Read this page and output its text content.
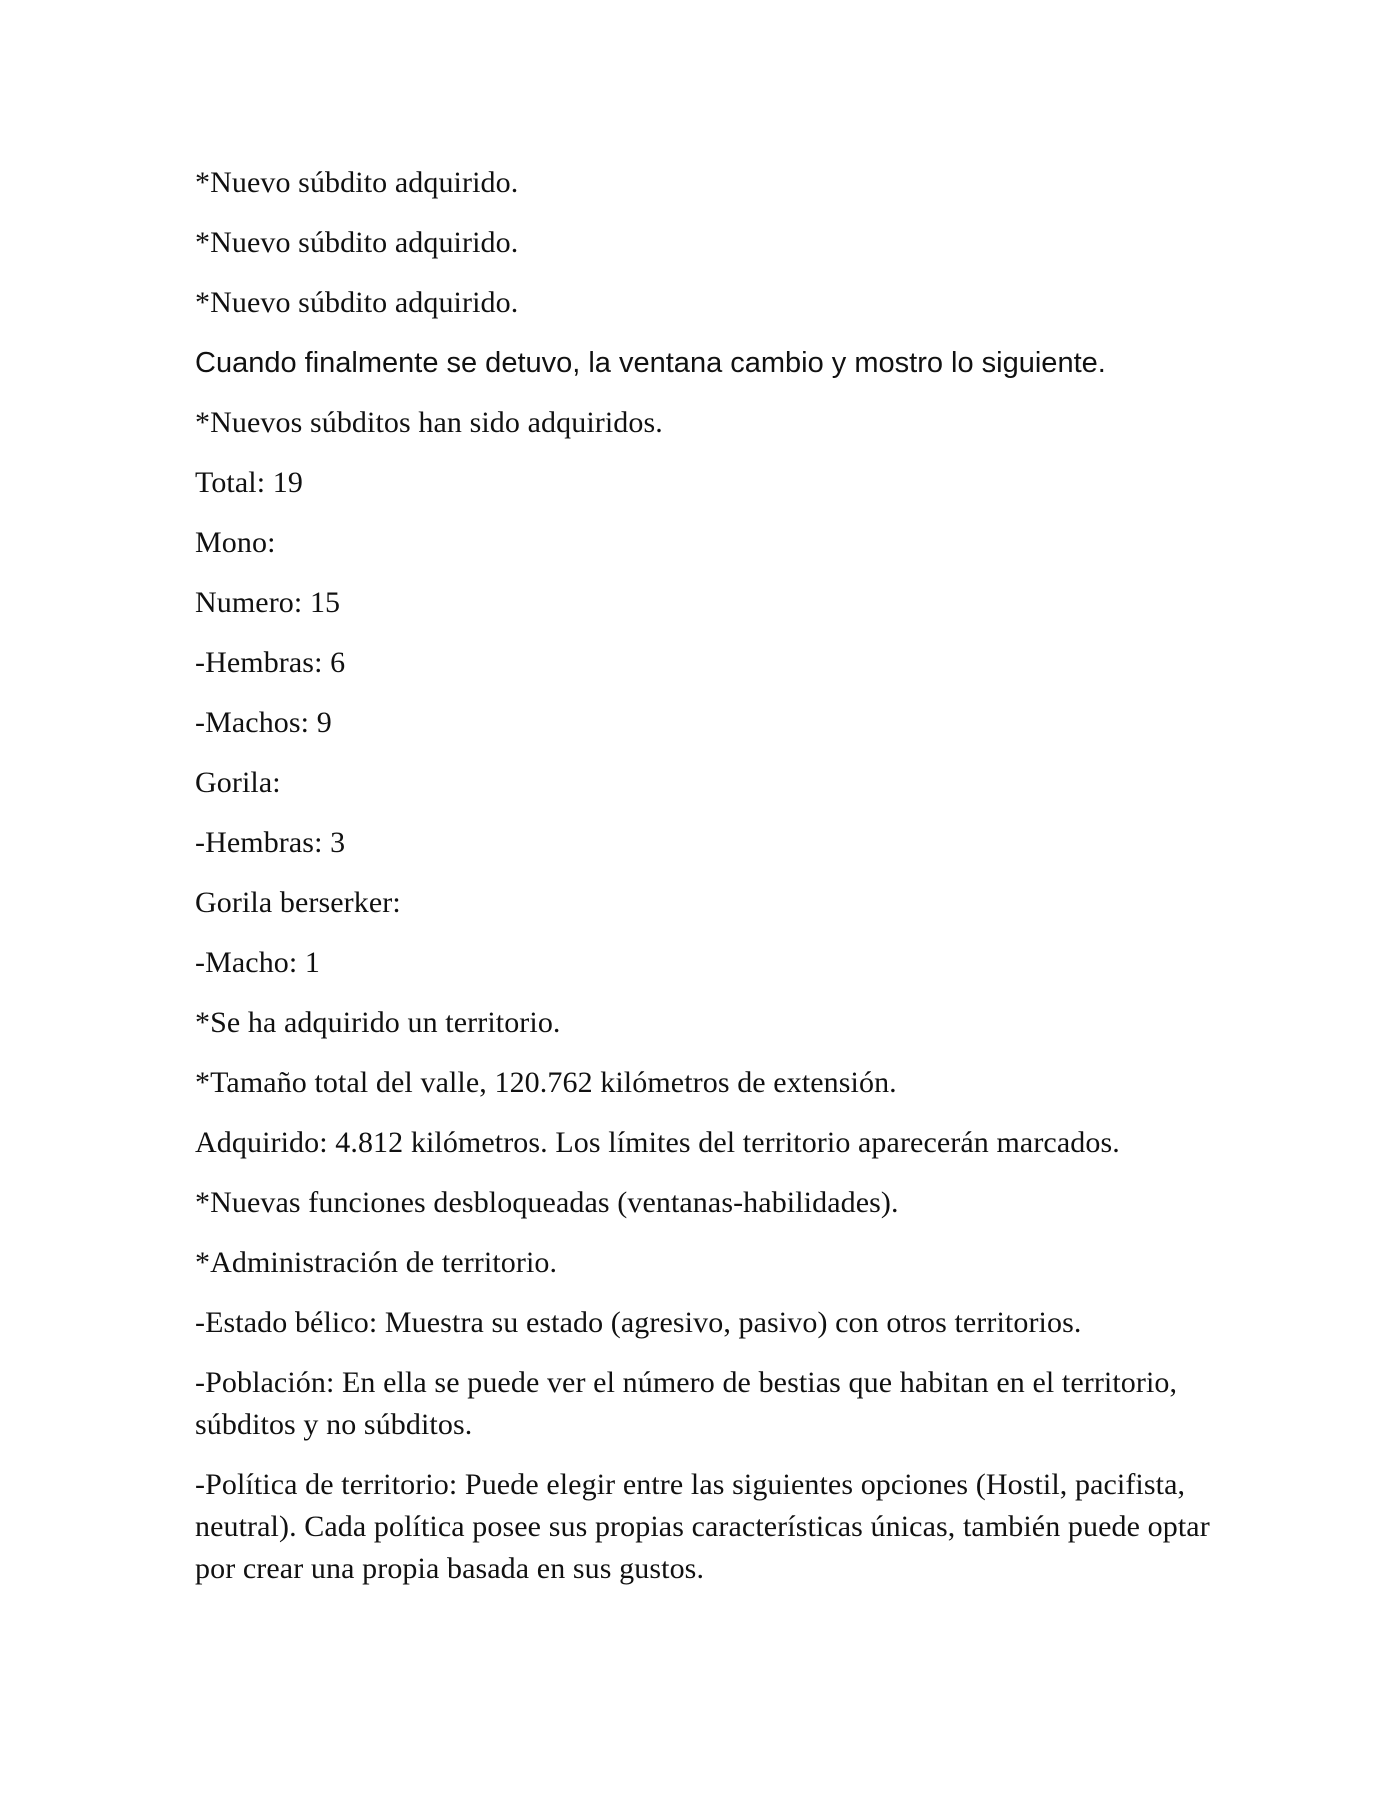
*Nuevo súbdito adquirido.

*Nuevo súbdito adquirido.

*Nuevo súbdito adquirido.

Cuando finalmente se detuvo, la ventana cambio y mostro lo siguiente.

*Nuevos súbditos han sido adquiridos.

Total: 19

Mono:

Numero: 15

-Hembras: 6

-Machos: 9

Gorila:

-Hembras: 3

Gorila berserker:

-Macho: 1

*Se ha adquirido un territorio.

*Tamaño total del valle, 120.762 kilómetros de extensión.

Adquirido: 4.812 kilómetros. Los límites del territorio aparecerán marcados.

*Nuevas funciones desbloqueadas (ventanas-habilidades).

*Administración de territorio.

-Estado bélico: Muestra su estado (agresivo, pasivo) con otros territorios.

-Población: En ella se puede ver el número de bestias que habitan en el territorio, súbditos y no súbditos.

-Política de territorio: Puede elegir entre las siguientes opciones (Hostil, pacifista, neutral). Cada política posee sus propias características únicas, también puede optar por crear una propia basada en sus gustos.
